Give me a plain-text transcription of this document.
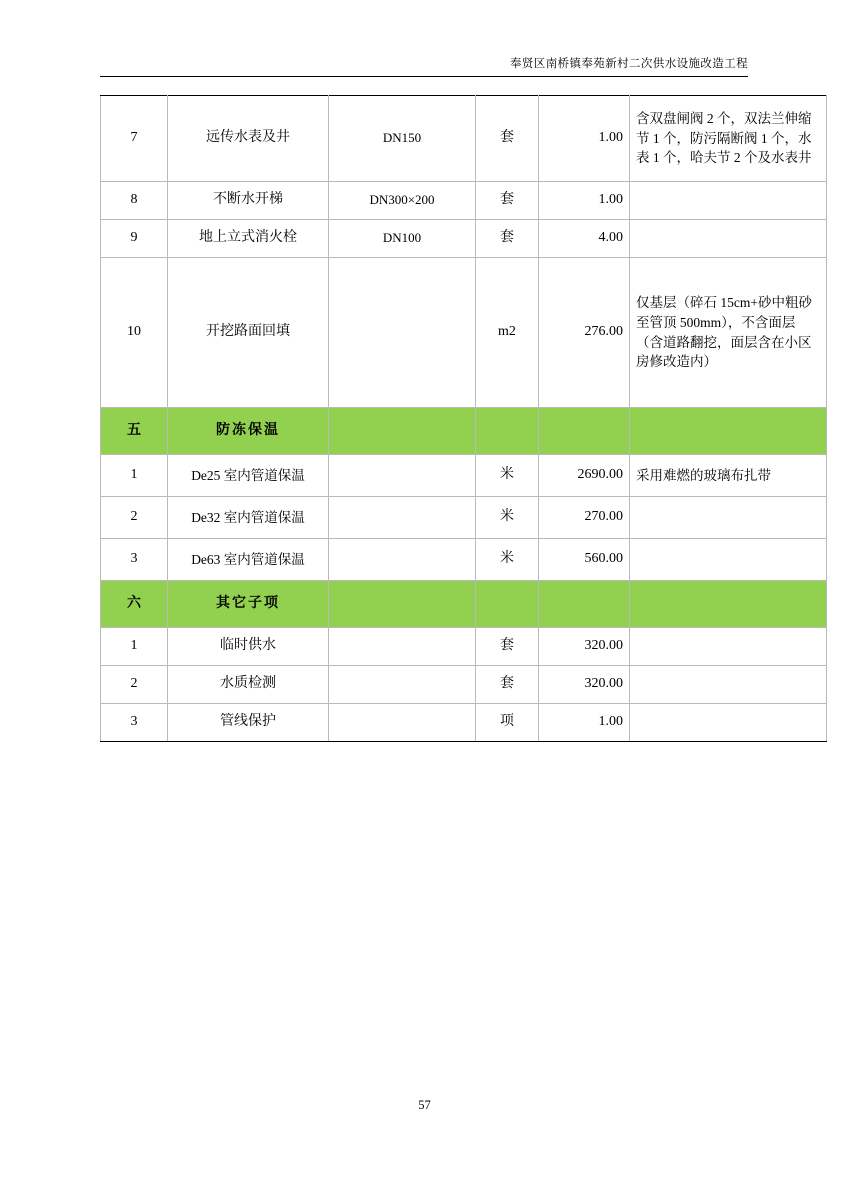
奉贤区南桥镇奉苑新村二次供水设施改造工程
7	远传水表及井	DN150	套	1.00	含双盘闸阀 2 个，双法兰伸缩节 1 个，防污隔断阀 1 个，水表 1 个，哈夫节 2 个及水表井
8	不断水开梯	DN300×200	套	1.00	
9	地上立式消火栓	DN100	套	4.00	
10	开挖路面回填		m2	276.00	仅基层（碎石 15cm+砂中粗砂至管顶 500mm），不含面层（含道路翻挖，面层含在小区房修改造内）
五	防冻保温				
1	De25 室内管道保温		米	2690.00	采用难燃的玻璃布扎带
2	De32 室内管道保温		米	270.00	
3	De63 室内管道保温		米	560.00	
六	其它子项				
1	临时供水		套	320.00	
2	水质检测		套	320.00	
3	管线保护		项	1.00	
57
